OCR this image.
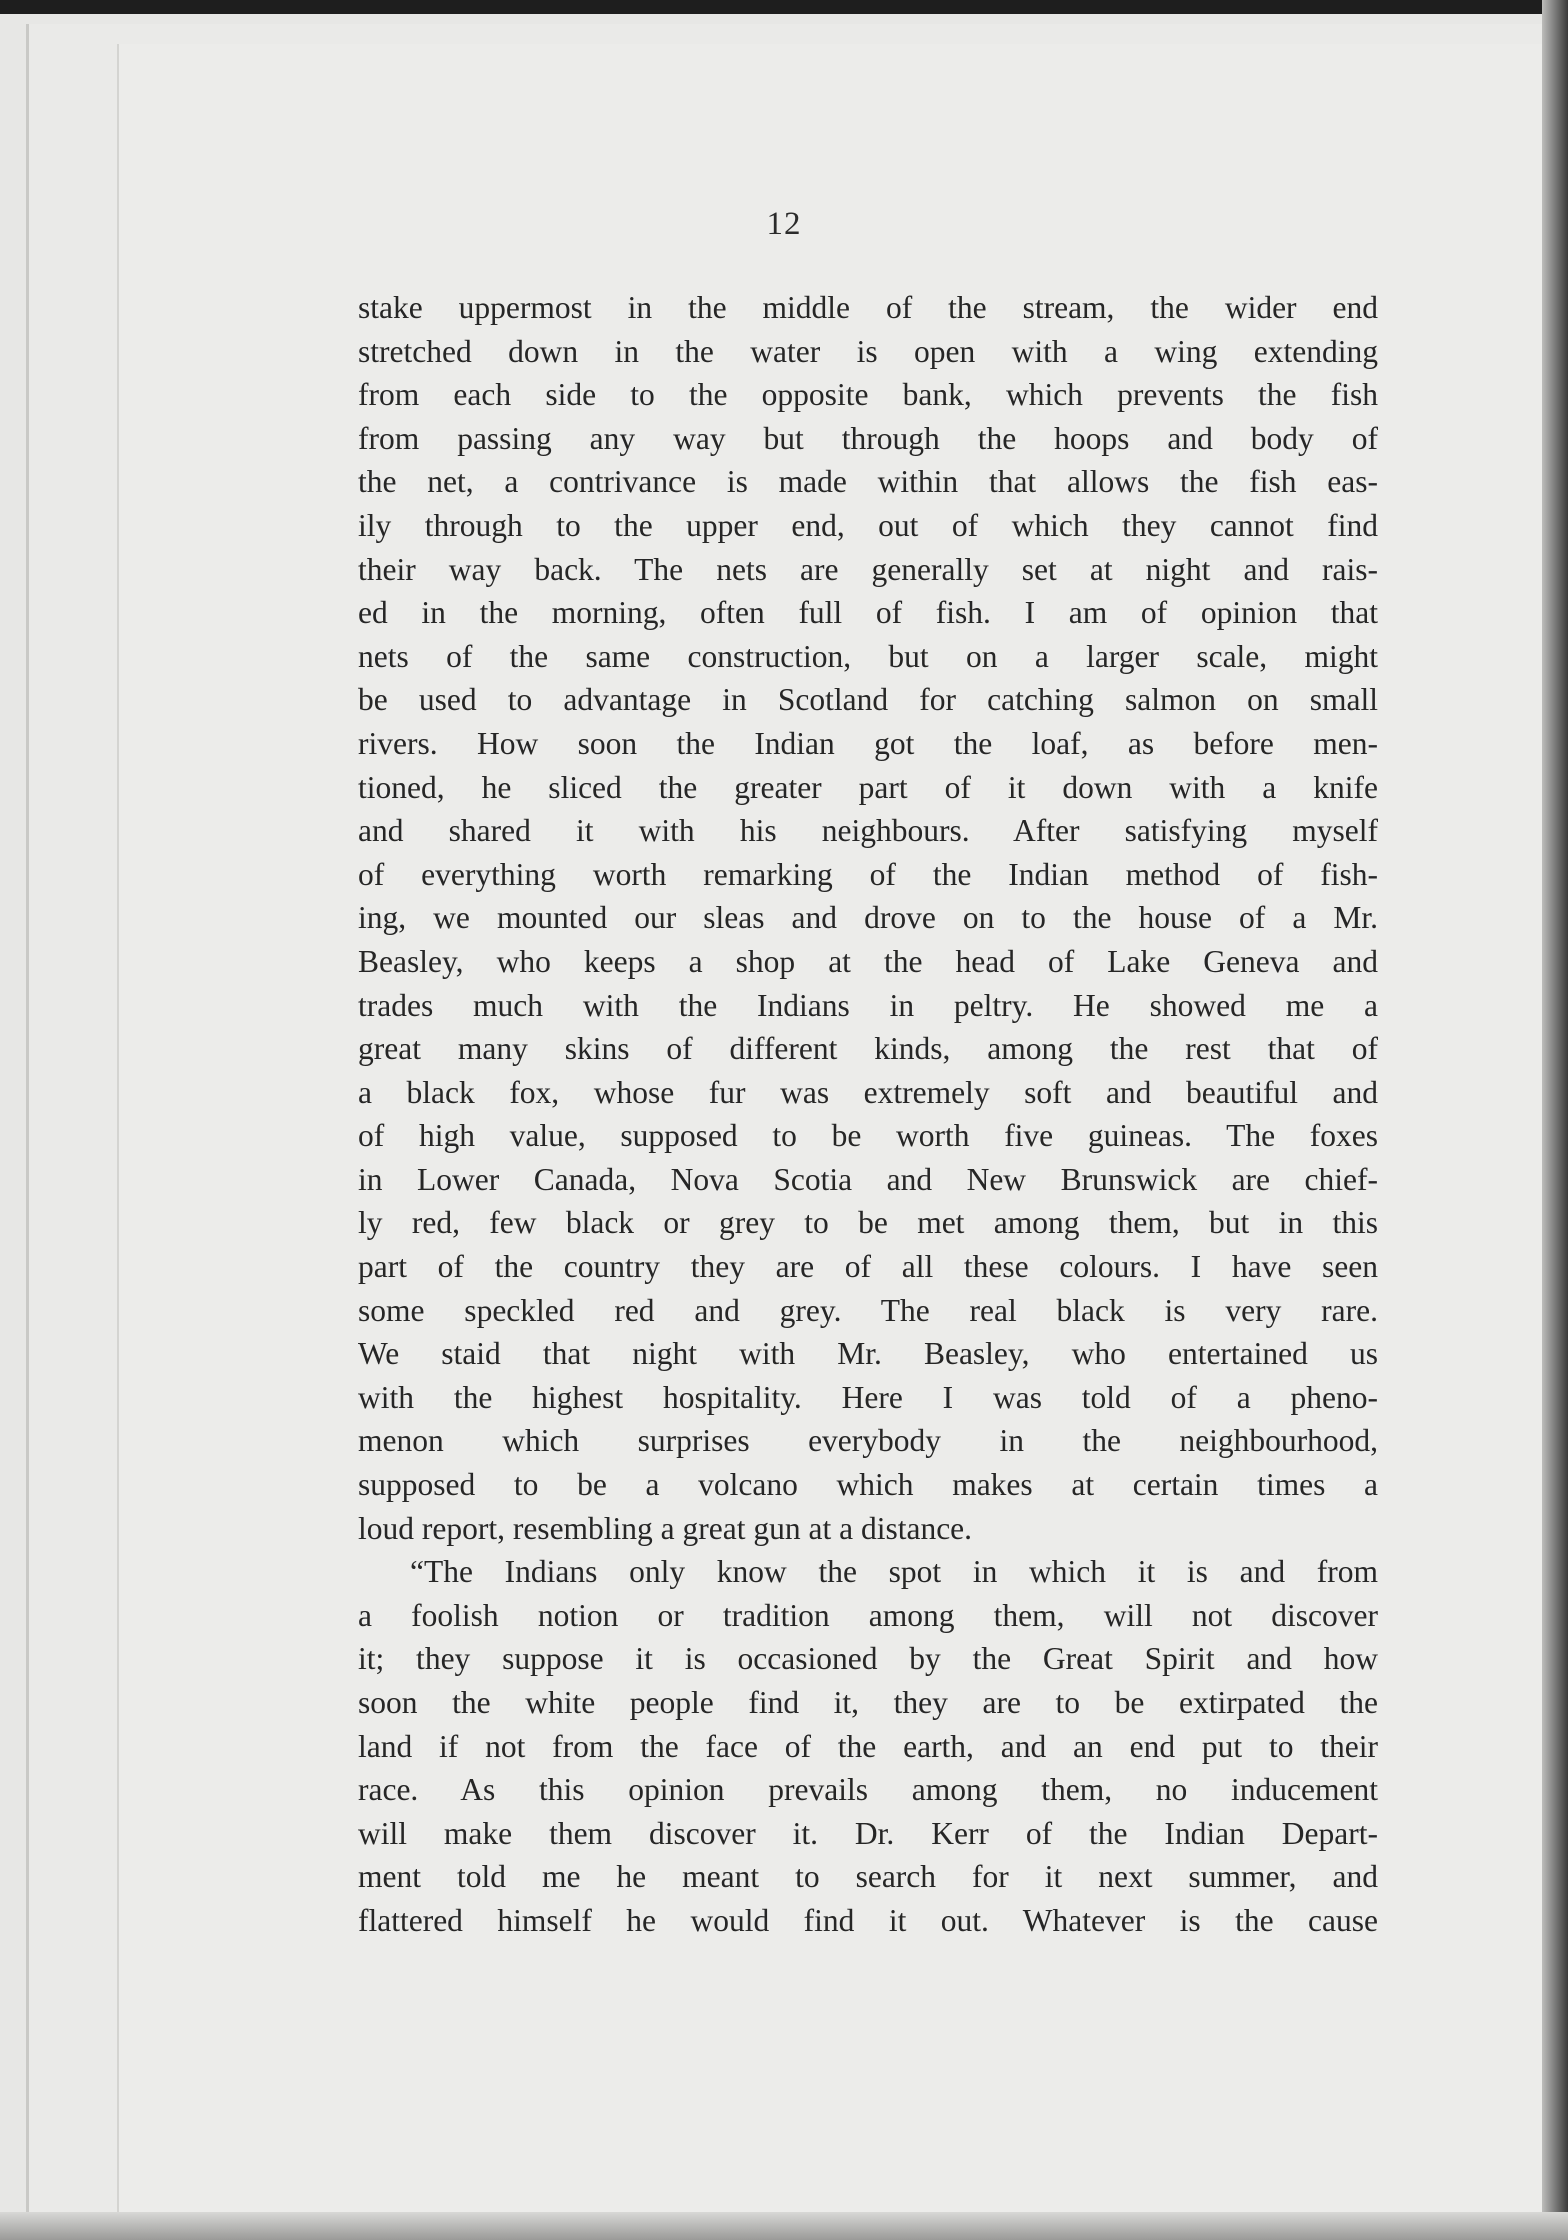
12
stake uppermost in the middle of the stream, the wider end
stretched down in the water is open with a wing extending
from each side to the opposite bank, which prevents the fish
from passing any way but through the hoops and body of
the net, a contrivance is made within that allows the fish eas-
ily through to the upper end, out of which they cannot find
their way back. The nets are generally set at night and rais-
ed in the morning, often full of fish. I am of opinion that
nets of the same construction, but on a larger scale, might
be used to advantage in Scotland for catching salmon on small
rivers. How soon the Indian got the loaf, as before men-
tioned, he sliced the greater part of it down with a knife
and shared it with his neighbours. After satisfying myself
of everything worth remarking of the Indian method of fish-
ing, we mounted our sleas and drove on to the house of a Mr.
Beasley, who keeps a shop at the head of Lake Geneva and
trades much with the Indians in peltry. He showed me a
great many skins of different kinds, among the rest that of
a black fox, whose fur was extremely soft and beautiful and
of high value, supposed to be worth five guineas. The foxes
in Lower Canada, Nova Scotia and New Brunswick are chief-
ly red, few black or grey to be met among them, but in this
part of the country they are of all these colours. I have seen
some speckled red and grey. The real black is very rare.
We staid that night with Mr. Beasley, who entertained us
with the highest hospitality. Here I was told of a pheno-
menon which surprises everybody in the neighbourhood,
supposed to be a volcano which makes at certain times a
loud report, resembling a great gun at a distance.
“The Indians only know the spot in which it is and from
a foolish notion or tradition among them, will not discover
it; they suppose it is occasioned by the Great Spirit and how
soon the white people find it, they are to be extirpated the
land if not from the face of the earth, and an end put to their
race. As this opinion prevails among them, no inducement
will make them discover it. Dr. Kerr of the Indian Depart-
ment told me he meant to search for it next summer, and
flattered himself he would find it out. Whatever is the cause
